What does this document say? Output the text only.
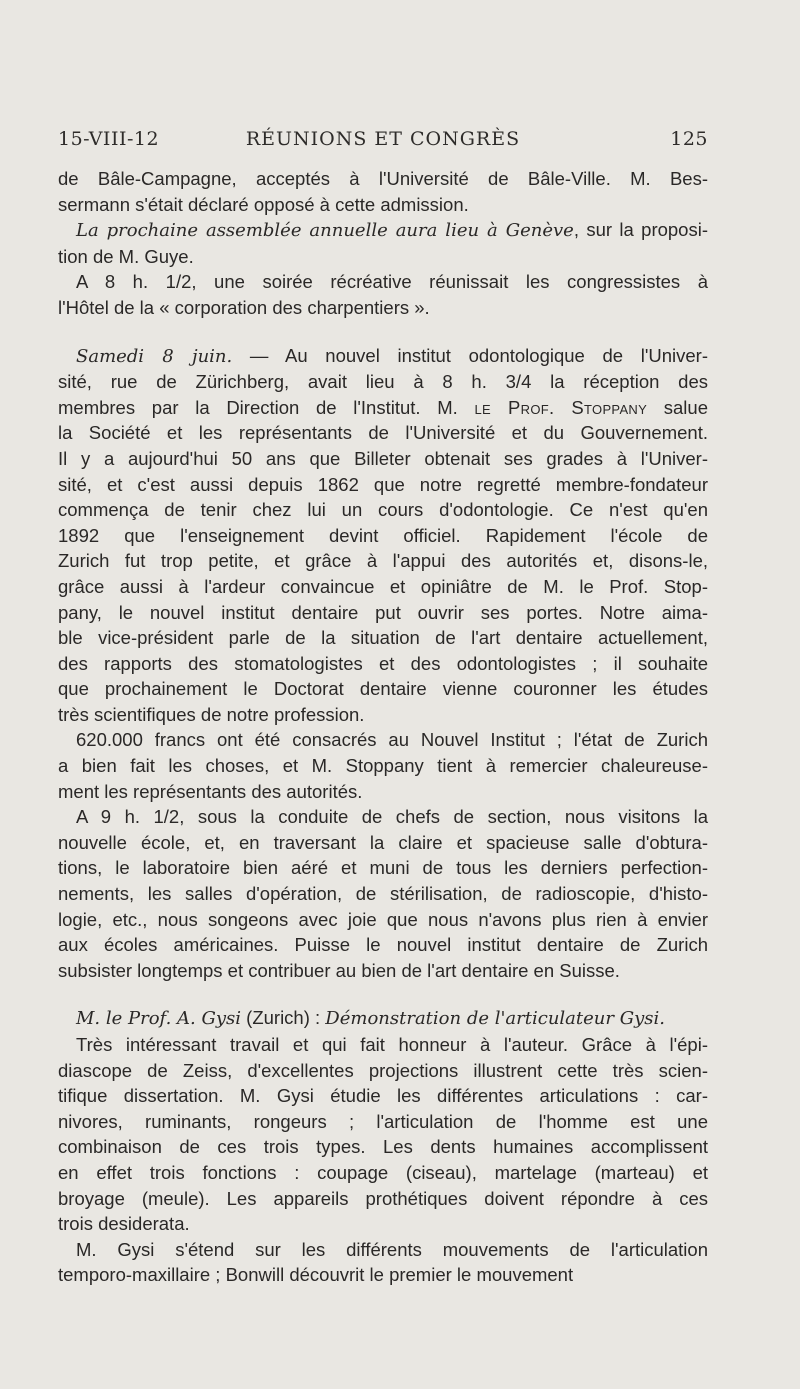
15-VIII-12	RÉUNIONS ET CONGRÈS	125

de Bâle-Campagne, acceptés à l'Université de Bâle-Ville. M. Bes-
sermann s'était déclaré opposé à cette admission.

La prochaine assemblée annuelle aura lieu à Genève, sur la proposi-
tion de M. Guye.

A 8 h. 1/2, une soirée récréative réunissait les congressistes à
l'Hôtel de la « corporation des charpentiers ».

Samedi 8 juin. — Au nouvel institut odontologique de l'Univer-
sité, rue de Zürichberg, avait lieu à 8 h. 3/4 la réception des
membres par la Direction de l'Institut. M. le Prof. Stoppany salue
la Société et les représentants de l'Université et du Gouvernement.
Il y a aujourd'hui 50 ans que Billeter obtenait ses grades à l'Univer-
sité, et c'est aussi depuis 1862 que notre regretté membre-fondateur
commença de tenir chez lui un cours d'odontologie. Ce n'est qu'en
1892 que l'enseignement devint officiel. Rapidement l'école de
Zurich fut trop petite, et grâce à l'appui des autorités et, disons-le,
grâce aussi à l'ardeur convaincue et opiniâtre de M. le Prof. Stop-
pany, le nouvel institut dentaire put ouvrir ses portes. Notre aima-
ble vice-président parle de la situation de l'art dentaire actuellement,
des rapports des stomatologistes et des odontologistes ; il souhaite
que prochainement le Doctorat dentaire vienne couronner les études
très scientifiques de notre profession.

620.000 francs ont été consacrés au Nouvel Institut ; l'état de Zurich
a bien fait les choses, et M. Stoppany tient à remercier chaleureuse-
ment les représentants des autorités.

A 9 h. 1/2, sous la conduite de chefs de section, nous visitons la
nouvelle école, et, en traversant la claire et spacieuse salle d'obtura-
tions, le laboratoire bien aéré et muni de tous les derniers perfection-
nements, les salles d'opération, de stérilisation, de radioscopie, d'histo-
logie, etc., nous songeons avec joie que nous n'avons plus rien à envier
aux écoles américaines. Puisse le nouvel institut dentaire de Zurich
subsister longtemps et contribuer au bien de l'art dentaire en Suisse.

M. le Prof. A. Gysi (Zurich) : Démonstration de l'articulateur Gysi.

Très intéressant travail et qui fait honneur à l'auteur. Grâce à l'épi-
diascope de Zeiss, d'excellentes projections illustrent cette très scien-
tifique dissertation. M. Gysi étudie les différentes articulations : car-
nivores, ruminants, rongeurs ; l'articulation de l'homme est une
combinaison de ces trois types. Les dents humaines accomplissent
en effet trois fonctions : coupage (ciseau), martelage (marteau) et
broyage (meule). Les appareils prothétiques doivent répondre à ces
trois desiderata.

M. Gysi s'étend sur les différents mouvements de l'articulation
temporo-maxillaire ; Bonwill découvrit le premier le mouvement
